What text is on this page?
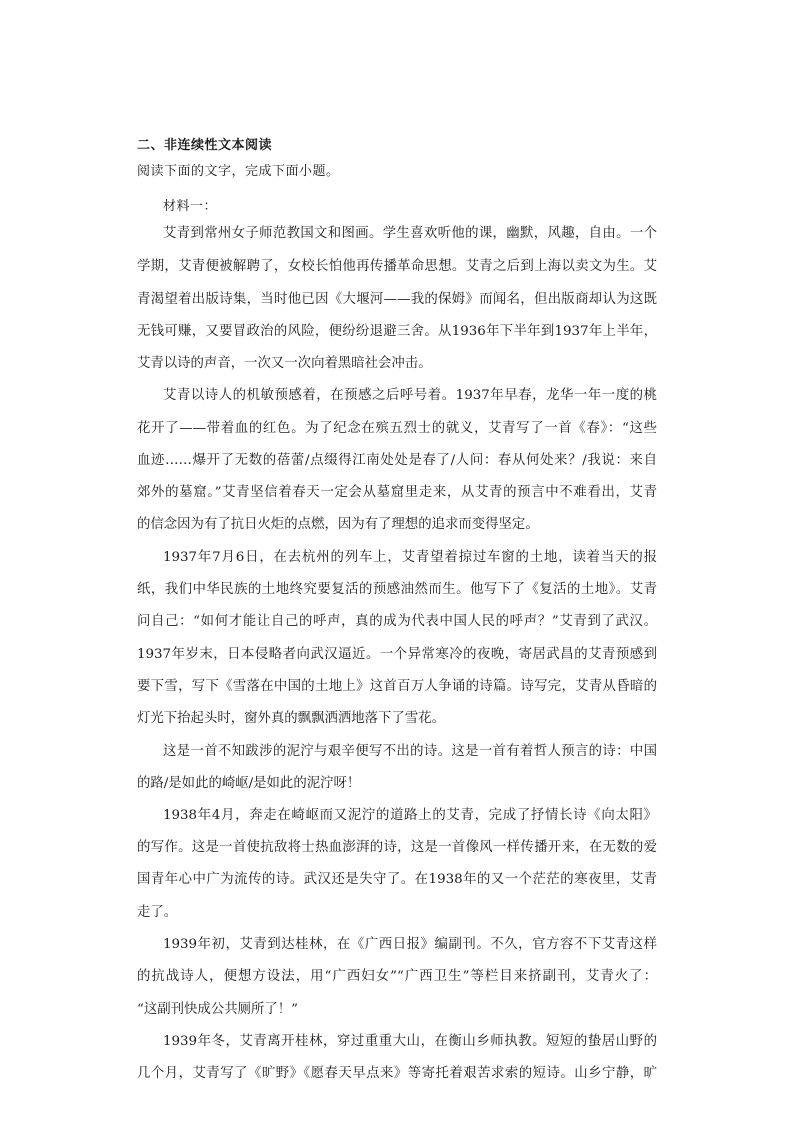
二、非连续性文本阅读
阅读下面的文字，完成下面小题。
材料一：
艾青到常州女子师范教国文和图画。学生喜欢听他的课，幽默，风趣，自由。一个
学期，艾青便被解聘了，女校长怕他再传播革命思想。艾青之后到上海以卖文为生。艾
青渴望着出版诗集，当时他已因《大堰河——我的保姆》而闻名，但出版商却认为这既
无钱可赚，又要冒政治的风险，便纷纷退避三舍。从1936年下半年到1937年上半年，
艾青以诗的声音，一次又一次向着黑暗社会冲击。
艾青以诗人的机敏预感着，在预感之后呼号着。1937年早春，龙华一年一度的桃
花开了——带着血的红色。为了纪念在殡五烈士的就义，艾青写了一首《春》：“这些
血迹……爆开了无数的蓓蕾/点缀得江南处处是春了/人问：春从何处来？/我说：来自
郊外的墓窟。”艾青坚信着春天一定会从墓窟里走来，从艾青的预言中不难看出，艾青
的信念因为有了抗日火炬的点燃，因为有了理想的追求而变得坚定。
1937年7月6日，在去杭州的列车上，艾青望着掠过车窗的土地，读着当天的报
纸，我们中华民族的土地终究要复活的预感油然而生。他写下了《复活的土地》。艾青
问自己：“如何才能让自己的呼声，真的成为代表中国人民的呼声？”艾青到了武汉。
1937年岁末，日本侵略者向武汉逼近。一个异常寒冷的夜晚，寄居武昌的艾青预感到
要下雪，写下《雪落在中国的土地上》这首百万人争诵的诗篇。诗写完，艾青从昏暗的
灯光下抬起头时，窗外真的飘飘洒洒地落下了雪花。
这是一首不知跋涉的泥泞与艰辛便写不出的诗。这是一首有着哲人预言的诗：中国
的路/是如此的崎岖/是如此的泥泞呀！
1938年4月，奔走在崎岖而又泥泞的道路上的艾青，完成了抒情长诗《向太阳》
的写作。这是一首使抗敌将士热血澎湃的诗，这是一首像风一样传播开来，在无数的爱
国青年心中广为流传的诗。武汉还是失守了。在1938年的又一个茫茫的寒夜里，艾青
走了。
1939年初，艾青到达桂林，在《广西日报》编副刊。不久，官方容不下艾青这样
的抗战诗人，便想方设法，用“广西妇女”“广西卫生”等栏目来挤副刊，艾青火了：
“这副刊快成公共厕所了！”
1939年冬，艾青离开桂林，穿过重重大山，在衡山乡师执教。短短的蛰居山野的
几个月，艾青写了《旷野》《愿春天早点来》等寄托着艰苦求索的短诗。山乡宁静，旷
